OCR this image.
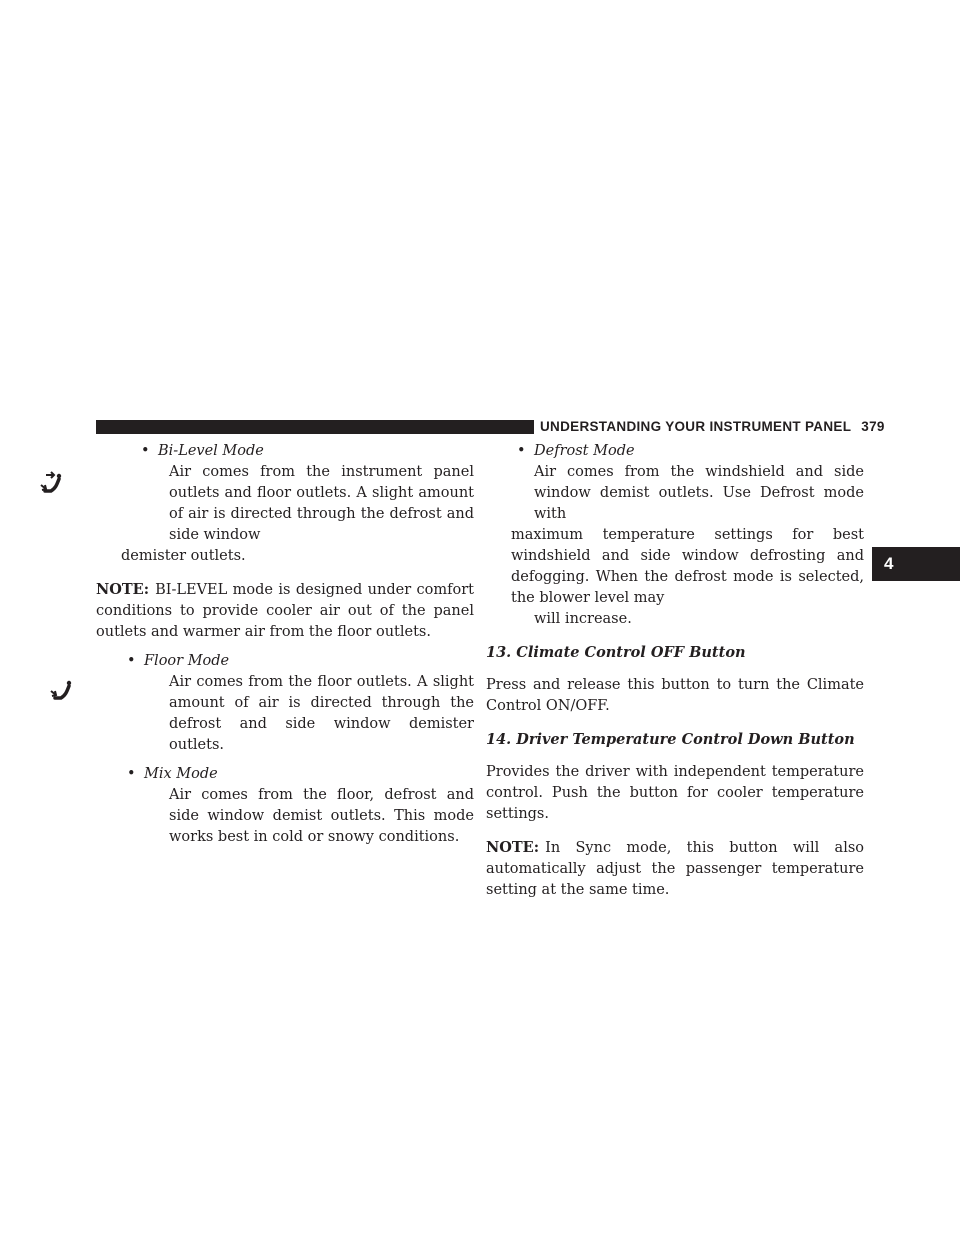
UNDERSTANDING YOUR INSTRUMENT PANEL 379
4
• Bi-Level Mode

Air comes from the instrument panel outlets and floor outlets. A slight amount of air is directed through the defrost and side window

demister outlets.

NOTE: BI-LEVEL mode is designed under comfort conditions to provide cooler air out of the panel outlets and warmer air from the floor outlets.

• Floor Mode

Air comes from the floor outlets. A slight amount of air is directed through the defrost and side window demister outlets.

• Mix Mode

Air comes from the floor, defrost and side window demist outlets. This mode works best in cold or snowy conditions.

• Defrost Mode

Air comes from the windshield and side window demist outlets. Use Defrost mode with

maximum temperature settings for best windshield and side window defrosting and defogging. When the defrost mode is selected, the blower level may

will increase.

13. Climate Control OFF Button

Press and release this button to turn the Climate Control ON/OFF.

14. Driver Temperature Control Down Button

Provides the driver with independent temperature control. Push the button for cooler temperature settings.

NOTE: In Sync mode, this button will also automatically adjust the passenger temperature setting at the same time.
